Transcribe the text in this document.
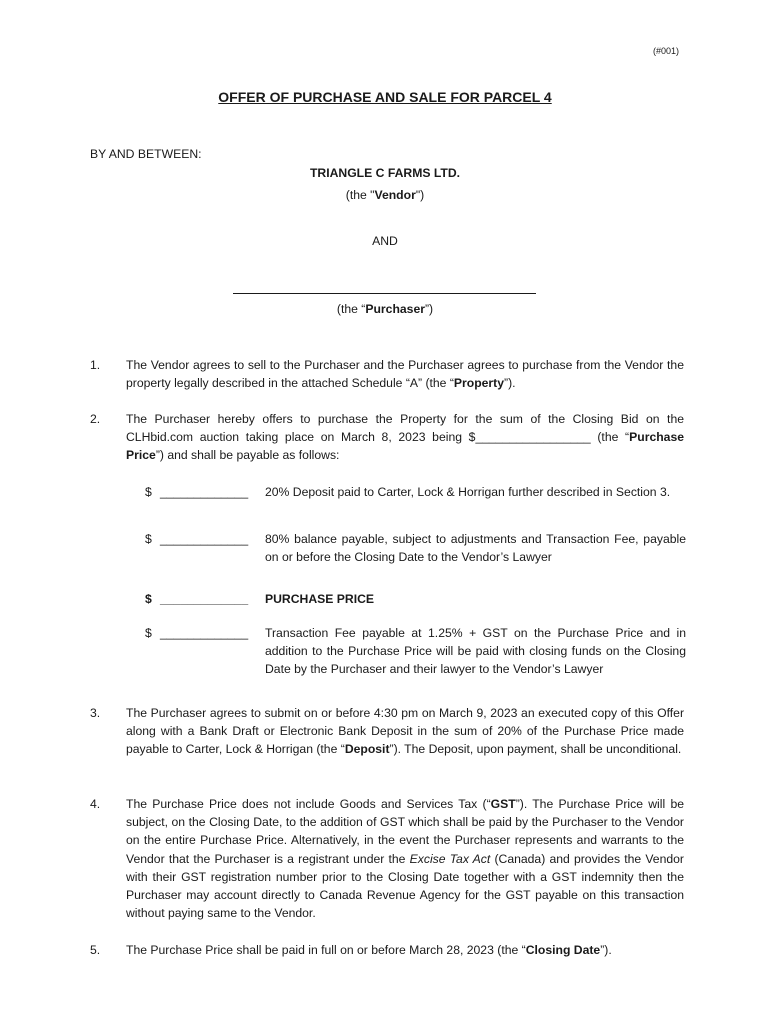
(#001)
OFFER OF PURCHASE AND SALE FOR PARCEL 4
BY AND BETWEEN:
TRIANGLE C FARMS LTD.
(the "Vendor")
AND
(the “Purchaser”)
1. The Vendor agrees to sell to the Purchaser and the Purchaser agrees to purchase from the Vendor the property legally described in the attached Schedule “A” (the “Property”).
2. The Purchaser hereby offers to purchase the Property for the sum of the Closing Bid on the CLHbid.com auction taking place on March 8, 2023 being $_________________ (the “Purchase Price”) and shall be payable as follows:
$ _____________ 20% Deposit paid to Carter, Lock & Horrigan further described in Section 3.
$ _____________ 80% balance payable, subject to adjustments and Transaction Fee, payable on or before the Closing Date to the Vendor’s Lawyer
$ _____________ PURCHASE PRICE
$ _____________ Transaction Fee payable at 1.25% + GST on the Purchase Price and in addition to the Purchase Price will be paid with closing funds on the Closing Date by the Purchaser and their lawyer to the Vendor’s Lawyer
3. The Purchaser agrees to submit on or before 4:30 pm on March 9, 2023 an executed copy of this Offer along with a Bank Draft or Electronic Bank Deposit in the sum of 20% of the Purchase Price made payable to Carter, Lock & Horrigan (the “Deposit”). The Deposit, upon payment, shall be unconditional.
4. The Purchase Price does not include Goods and Services Tax (“GST”). The Purchase Price will be subject, on the Closing Date, to the addition of GST which shall be paid by the Purchaser to the Vendor on the entire Purchase Price. Alternatively, in the event the Purchaser represents and warrants to the Vendor that the Purchaser is a registrant under the Excise Tax Act (Canada) and provides the Vendor with their GST registration number prior to the Closing Date together with a GST indemnity then the Purchaser may account directly to Canada Revenue Agency for the GST payable on this transaction without paying same to the Vendor.
5. The Purchase Price shall be paid in full on or before March 28, 2023 (the “Closing Date”).
